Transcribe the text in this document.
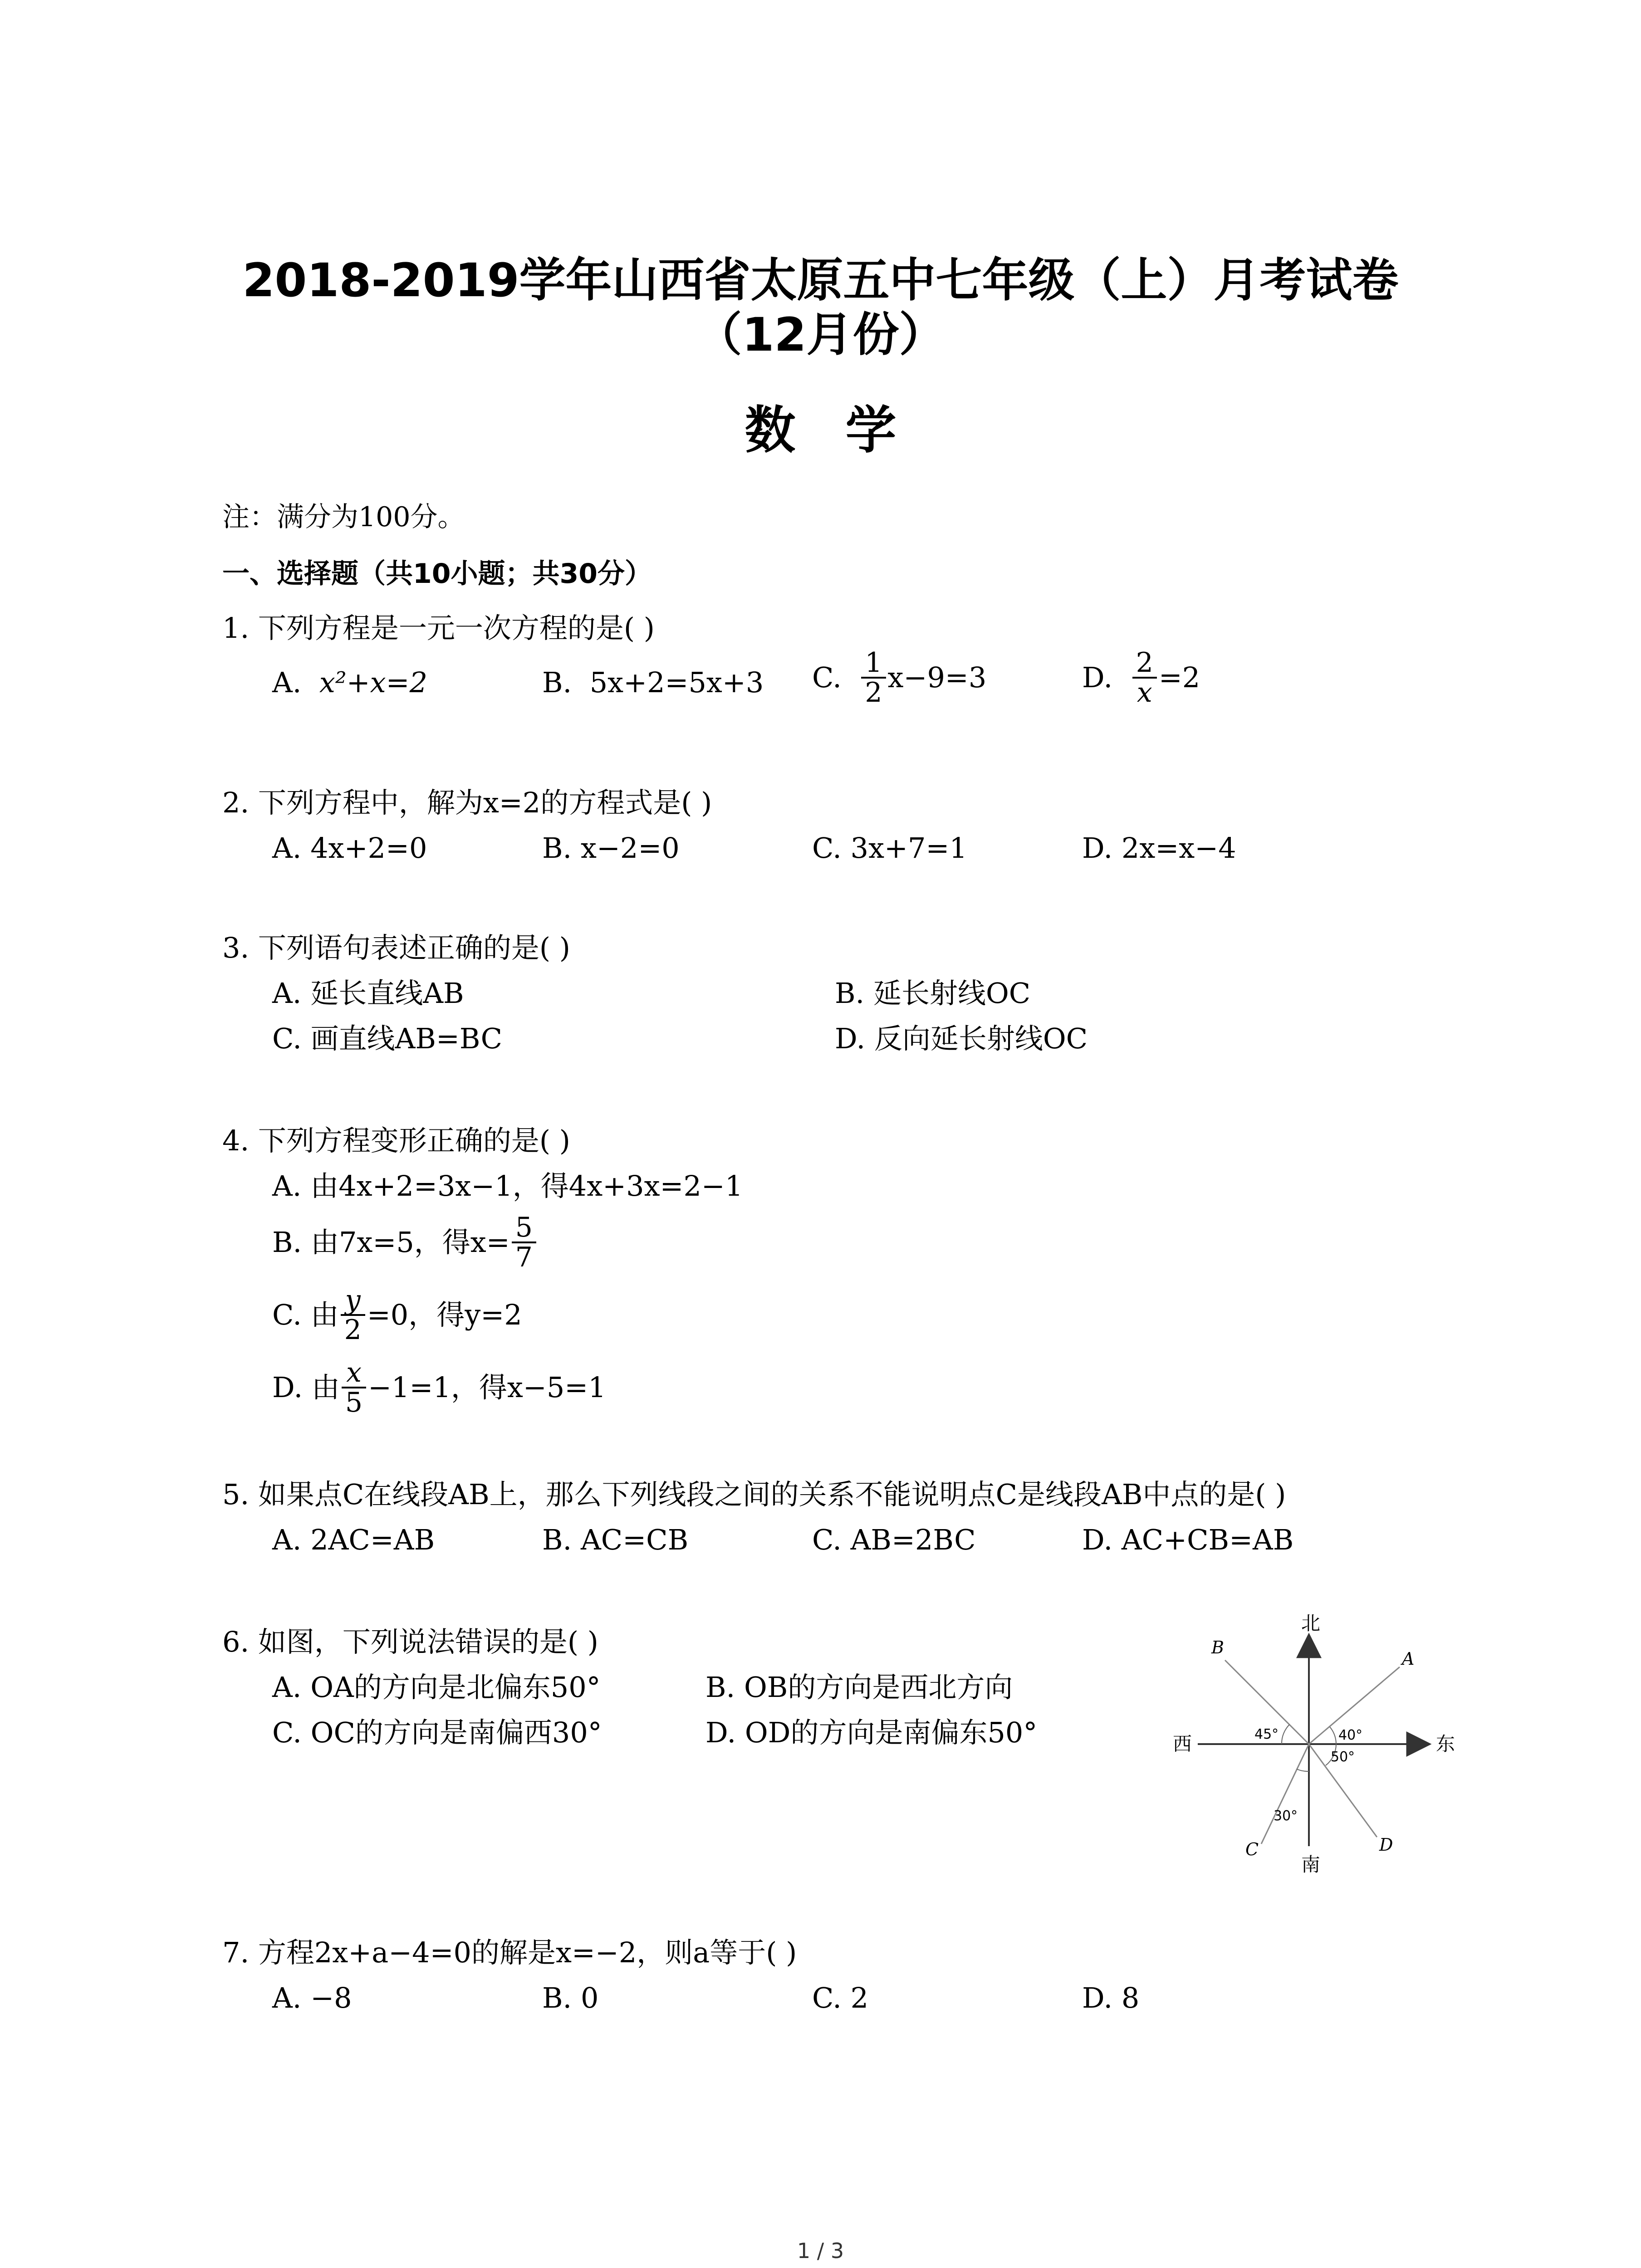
2018-2019学年山西省太原五中七年级（上）月考试卷
（12月份）
数学
注：满分为100分。
一、选择题（共10小题；共30分）
1. 下列方程是一元一次方程的是( )
A. x²+x=2	B. 5x+2=5x+3 C. $\frac{1}{2} x-9=3$	D. $\frac{2}{x} =2$
2. 下列方程中，解为x=2的方程式是( )
A. 4x+2=0	B. x−2=0	C. 3x+7=1	D. 2x=x−4
3. 下列语句表述正确的是( )
A. 延长直线AB	B. 延长射线OC
C. 画直线AB=BC	D. 反向延长射线OC
4. 下列方程变形正确的是( )
A. 由4x+2=3x−1，得4x+3x=2−1
B. 由7x=5，得$x= \frac{5}{7}$
C. 由 $\frac{y}{2} =0$，得y=2
D. 由 $\frac{x}{5} -1=1$，得x−5=1
5. 如果点C在线段AB上，那么下列线段之间的关系不能说明点C是线段AB中点的是( )
A. 2AC=AB	B. AC=CB	C. AB=2BC	D. AC+CB=AB
6. 如图，下列说法错误的是( )
A. OA的方向是北偏东50°	B. OB的方向是西北方向
C. OC的方向是南偏西30°	D. OD的方向是南偏东50°
北
南
东
西
A
B
C	D
45°	40°
50°
30°
7. 方程2x+a−4=0的解是x=−2，则a等于( )
A. −8	B. 0	C. 2	D. 8
1 / 3
